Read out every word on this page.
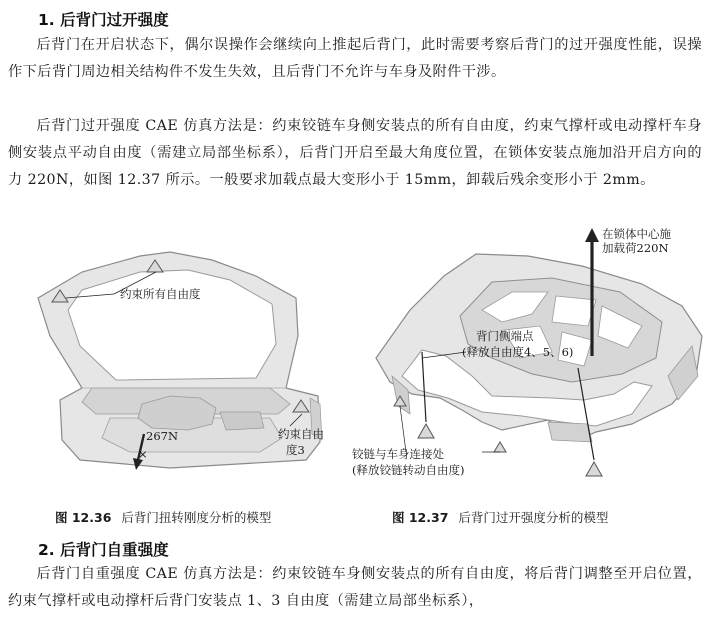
1. 后背门过开强度

后背门在开启状态下，偶尔误操作会继续向上推起后背门，此时需要考察后背门的过开强度性能，误操作下后背门周边相关结构件不发生失效，且后背门不允许与车身及附件干涉。

后背门过开强度 CAE 仿真方法是：约束铰链车身侧安装点的所有自由度，约束气撑杆或电动撑杆车身侧安装点平动自由度（需建立局部坐标系），后背门开启至最大角度位置，在锁体安装点施加沿开启方向的力 220N，如图 12.37 所示。一般要求加载点最大变形小于 15mm，卸载后残余变形小于 2mm。

约束所有自由度
×
267N	约束自由
度3
在锁体中心施
加载荷220N
背门侧端点
(释放自由度4、5、6)
铰链与车身连接处
(释放铰链转动自由度)
图 12.36 后背门扭转刚度分析的模型	图 12.37 后背门过开强度分析的模型
2. 后背门自重强度

后背门自重强度 CAE 仿真方法是：约束铰链车身侧安装点的所有自由度，将后背门调整至开启位置，约束气撑杆或电动撑杆后背门安装点 1、3 自由度（需建立局部坐标系），
